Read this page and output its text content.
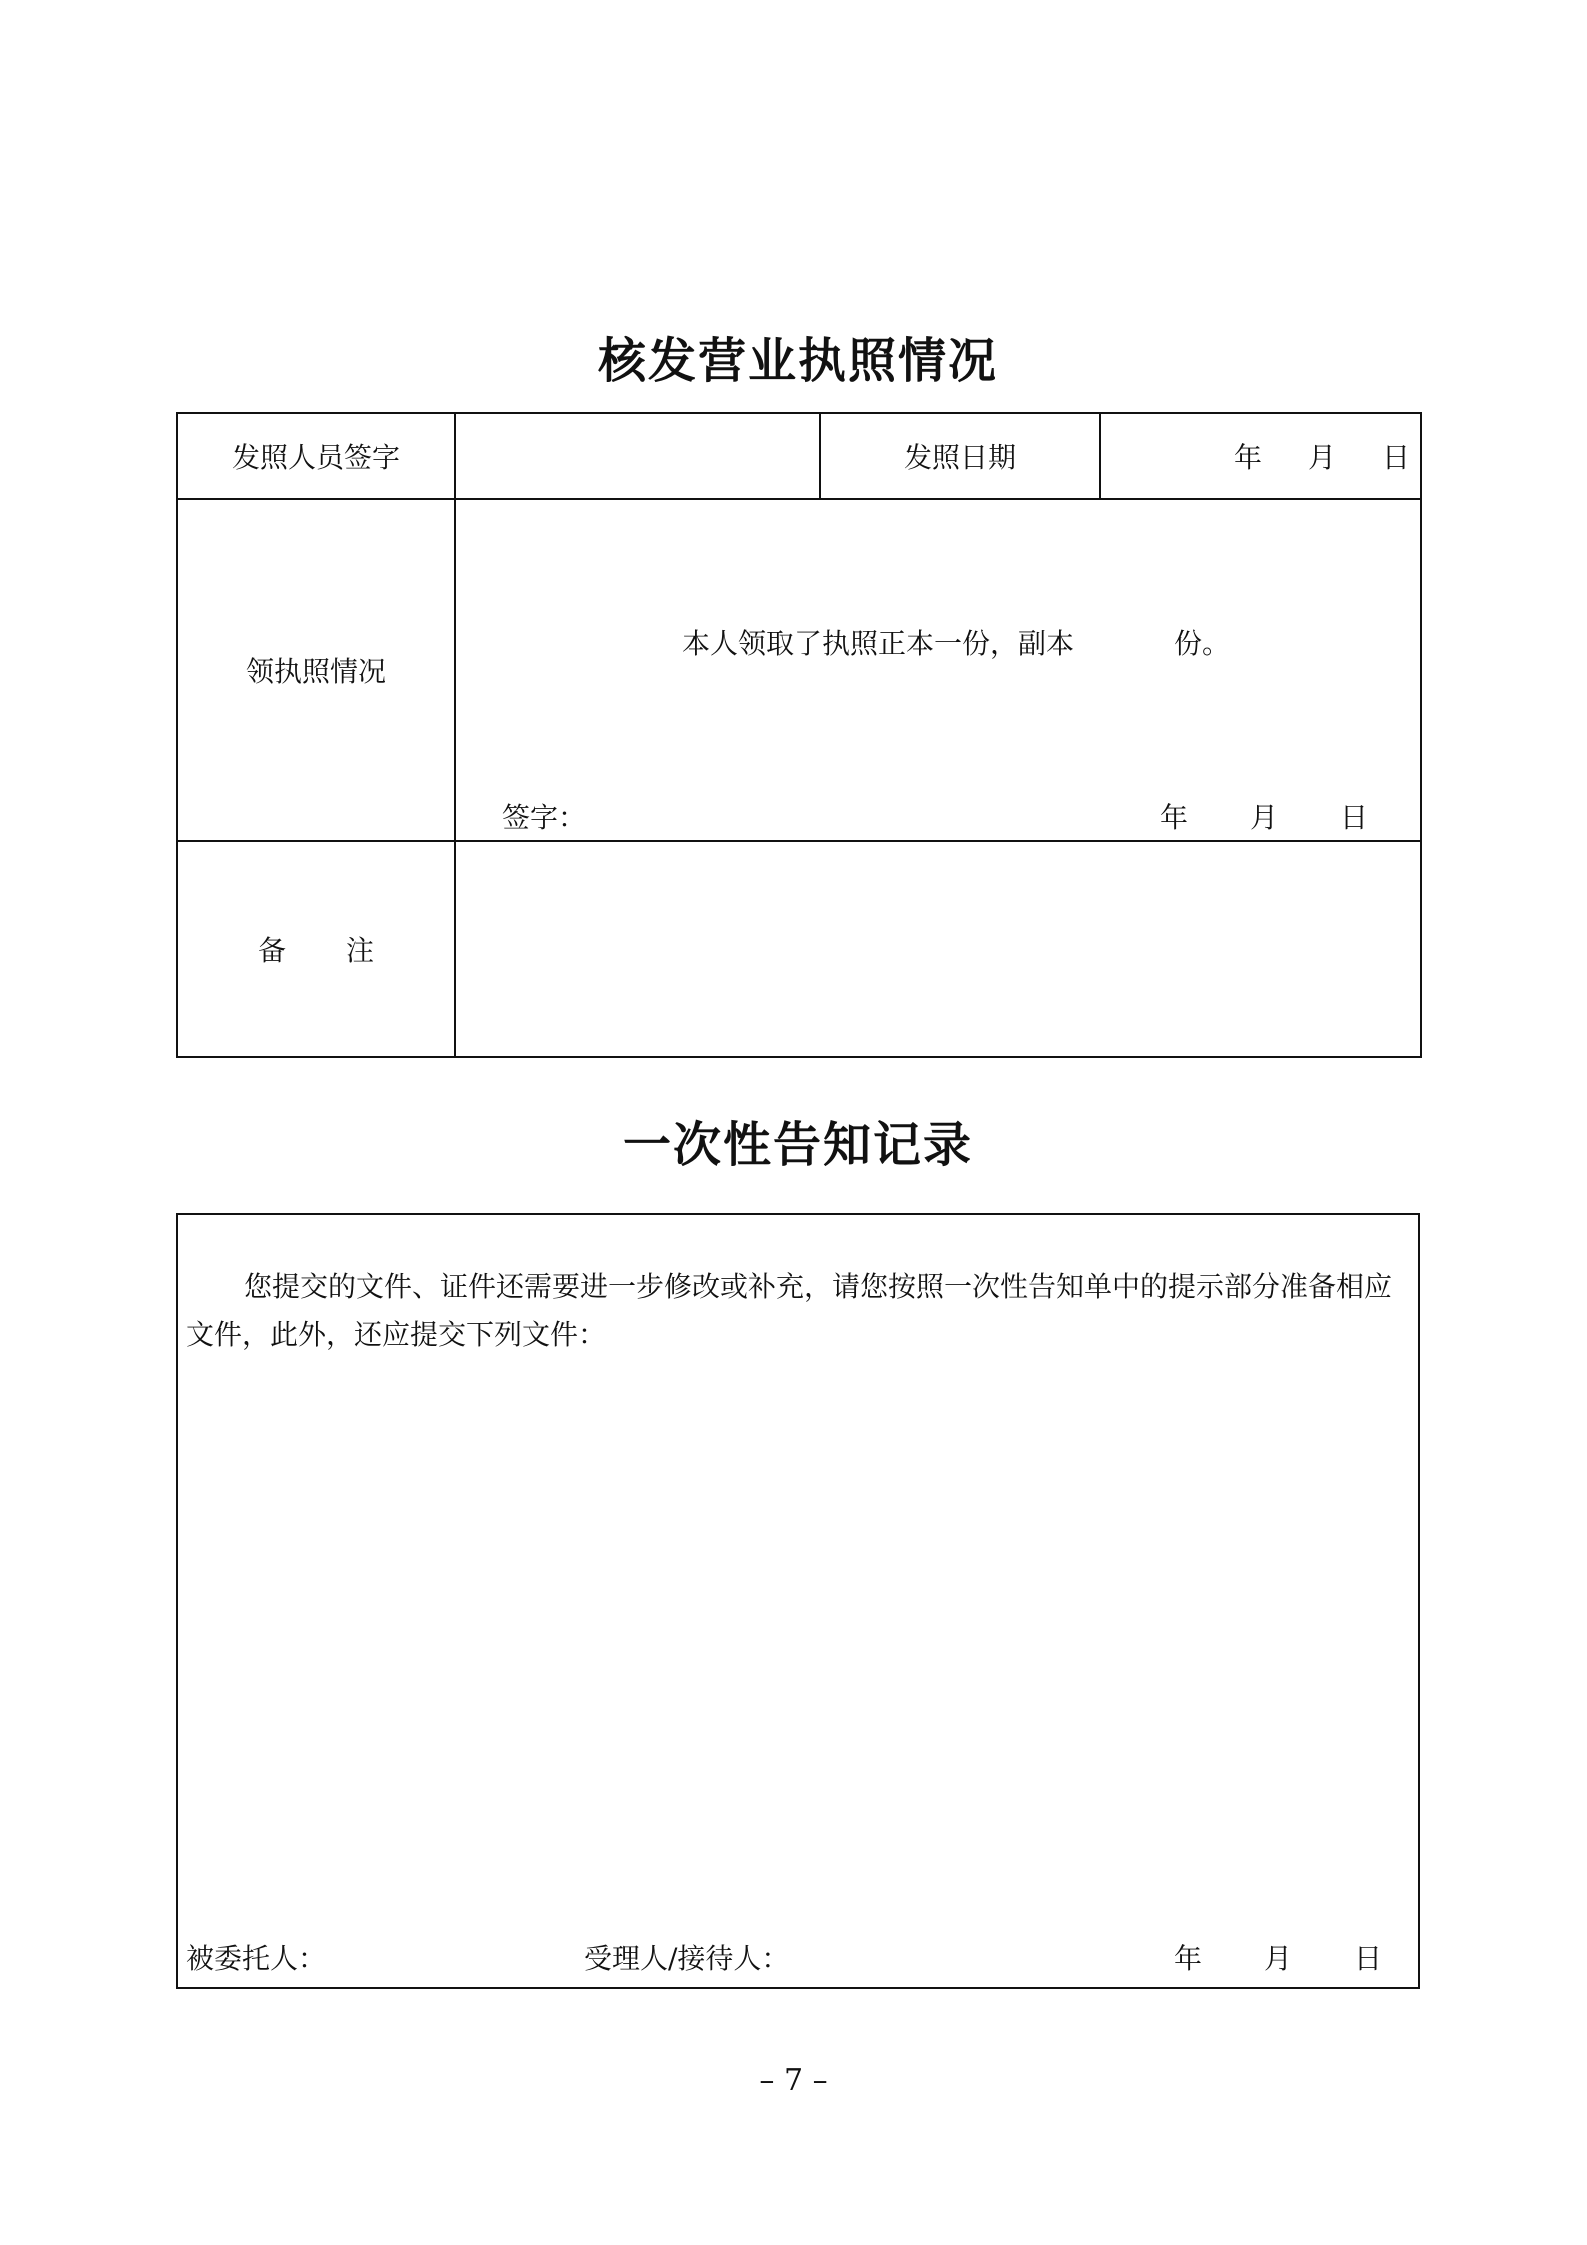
核发营业执照情况
发照人员签字		发照日期	年 月 日
领执照情况	本人领取了执照正本一份，副本 份。
签字： 年 月 日		

备 注			
一次性告知记录

您提交的文件、证件还需要进一步修改或补充，请您按照一次性告知单中的提示部分准备相应文件，此外，还应提交下列文件：

被委托人：	受理人/接待人：	年 月 日
– 7 –
